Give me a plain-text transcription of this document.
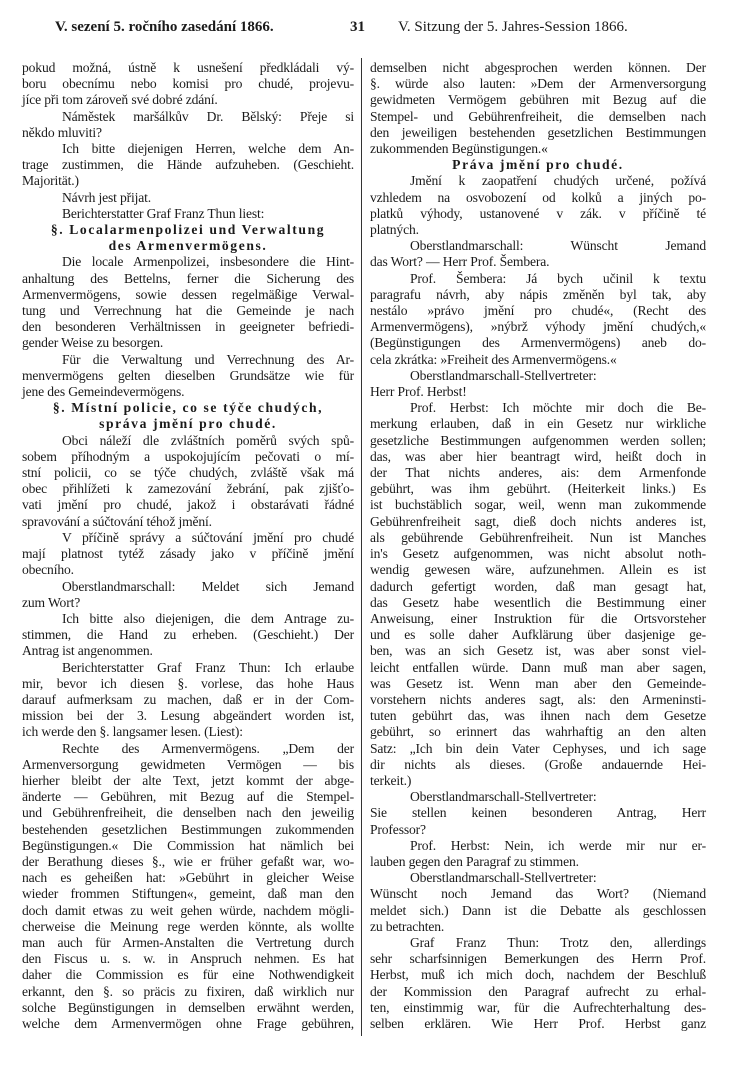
V. sezení 5. ročního zasedání 1866.	31 V. Sitzung der 5. Jahres-Session 1866.
pokud možná, ústně k usnešení předkládali vý-
boru obecnímu nebo komisi pro chudé, projevu-
jíce při tom zároveň své dobré zdání.
Náměstek maršálkův Dr. Bělský: Přeje si
někdo mluviti?
Ich bitte diejenigen Herren, welche dem An-
trage zustimmen, die Hände aufzuheben. (Geschieht.
Majorität.)
Návrh jest přijat.
Berichterstatter Graf Franz Thun liest:
§. Localarmenpolizei und Verwaltung
des Armenvermögens.
Die locale Armenpolizei, insbesondere die Hint-
anhaltung des Bettelns, ferner die Sicherung des
Armenvermögens, sowie dessen regelmäßige Verwal-
tung und Verrechnung hat die Gemeinde je nach
den besonderen Verhältnissen in geeigneter befriedi-
gender Weise zu besorgen.
Für die Verwaltung und Verrechnung des Ar-
menvermögens gelten dieselben Grundsätze wie für
jene des Gemeindevermögens.
§. Místní policie, co se týče chudých,
správa jmění pro chudé.
Obci náleží dle zvláštních poměrů svých spů-
sobem příhodným a uspokojujícím pečovati o mí-
stní policii, co se týče chudých, zvláště však má
obec přihlížeti k zamezování žebrání, pak zjišťo-
vati jmění pro chudé, jakož i obstarávati řádné
spravování a súčtování téhož jmění.
V příčině správy a súčtování jmění pro chudé
mají platnost tytéž zásady jako v příčině jmění
obecního.
Oberstlandmarschall: Meldet sich Jemand
zum Wort?
Ich bitte also diejenigen, die dem Antrage zu-
stimmen, die Hand zu erheben. (Geschieht.) Der
Antrag ist angenommen.
Berichterstatter Graf Franz Thun: Ich erlaube
mir, bevor ich diesen §. vorlese, das hohe Haus
darauf aufmerksam zu machen, daß er in der Com-
mission bei der 3. Lesung abgeändert worden ist,
ich werde den §. langsamer lesen. (Liest):
Rechte des Armenvermögens. „Dem der
Armenversorgung gewidmeten Vermögen — bis
hierher bleibt der alte Text, jetzt kommt der abge-
änderte — Gebühren, mit Bezug auf die Stempel-
und Gebührenfreiheit, die denselben nach den jeweilig
bestehenden gesetzlichen Bestimmungen zukommenden
Begünstigungen.« Die Commission hat nämlich bei
der Berathung dieses §., wie er früher gefaßt war, wo-
nach es geheißen hat: »Gebührt in gleicher Weise
wieder frommen Stiftungen«, gemeint, daß man den
doch damit etwas zu weit gehen würde, nachdem mögli-
cherweise die Meinung rege werden könnte, als wollte
man auch für Armen-Anstalten die Vertretung durch
den Fiscus u. s. w. in Anspruch nehmen. Es hat
daher die Commission es für eine Nothwendigkeit
erkannt, den §. so präcis zu fixiren, daß wirklich nur
solche Begünstigungen in demselben erwähnt werden,
welche dem Armenvermögen ohne Frage gebühren,
demselben nicht abgesprochen werden können. Der
§. würde also lauten: »Dem der Armenversorgung
gewidmeten Vermögem gebühren mit Bezug auf die
Stempel- und Gebührenfreiheit, die demselben nach
den jeweiligen bestehenden gesetzlichen Bestimmungen
zukommenden Begünstigungen.«
Práva jmění pro chudé.
Jmění k zaopatření chudých určené, požívá
vzhledem na osvobození od kolků a jiných po-
platků výhody, ustanovené v zák. v příčině té
platných.
Oberstlandmarschall: Wünscht Jemand
das Wort? — Herr Prof. Šembera.
Prof. Šembera: Já bych učinil k textu
paragrafu návrh, aby nápis změněn byl tak, aby
nestálo »právo jmění pro chudé«, (Recht des
Armenvermögens), »nýbrž výhody jmění chudých,«
(Begünstigungen des Armenvermögens) aneb do-
cela zkrátka: »Freiheit des Armenvermögens.«
Oberstlandmarschall-Stellvertreter:
Herr Prof. Herbst!
Prof. Herbst: Ich möchte mir doch die Be-
merkung erlauben, daß in ein Gesetz nur wirkliche
gesetzliche Bestimmungen aufgenommen werden sollen;
das, was aber hier beantragt wird, heißt doch in
der That nichts anderes, ais: dem Armenfonde
gebührt, was ihm gebührt. (Heiterkeit links.) Es
ist buchstäblich sogar, weil, wenn man zukommende
Gebührenfreiheit sagt, dieß doch nichts anderes ist,
als gebührende Gebührenfreiheit. Nun ist Manches
in's Gesetz aufgenommen, was nicht absolut noth-
wendig gewesen wäre, aufzunehmen. Allein es ist
dadurch gefertigt worden, daß man gesagt hat,
das Gesetz habe wesentlich die Bestimmung einer
Anweisung, einer Instruktion für die Ortsvorsteher
und es solle daher Aufklärung über dasjenige ge-
ben, was an sich Gesetz ist, was aber sonst viel-
leicht entfallen würde. Dann muß man aber sagen,
was Gesetz ist. Wenn man aber den Gemeinde-
vorstehern nichts anderes sagt, als: den Armeninsti-
tuten gebührt das, was ihnen nach dem Gesetze
gebührt, so erinnert das wahrhaftig an den alten
Satz: „Ich bin dein Vater Cephyses, und ich sage
dir nichts als dieses. (Große andauernde Hei-
terkeit.)
Oberstlandmarschall-Stellvertreter:
Sie stellen keinen besonderen Antrag, Herr
Professor?
Prof. Herbst: Nein, ich werde mir nur er-
lauben gegen den Paragraf zu stimmen.
Oberstlandmarschall-Stellvertreter:
Wünscht noch Jemand das Wort? (Niemand
meldet sich.) Dann ist die Debatte als geschlossen
zu betrachten.
Graf Franz Thun: Trotz den, allerdings
sehr scharfsinnigen Bemerkungen des Herrn Prof.
Herbst, muß ich mich doch, nachdem der Beschluß
der Kommission den Paragraf aufrecht zu erhal-
ten, einstimmig war, für die Aufrechterhaltung des-
selben erklären. Wie Herr Prof. Herbst ganz
